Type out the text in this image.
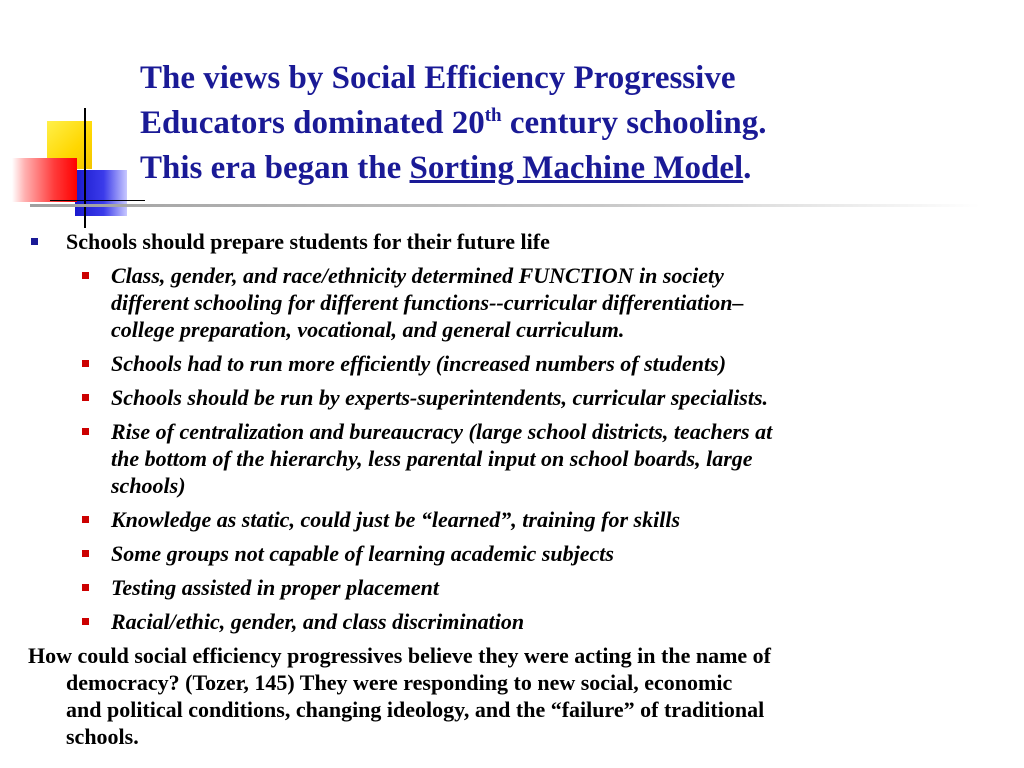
The views by Social Efficiency Progressive
Educators dominated 20th century schooling.
This era began the Sorting Machine Model.
Schools should prepare students for their future life
Class, gender, and race/ethnicity determined FUNCTION in society
different schooling for different functions--curricular differentiation–
college preparation, vocational, and general curriculum.
Schools had to run more efficiently (increased numbers of students)
Schools should be run by experts-superintendents, curricular specialists.
Rise of centralization and bureaucracy (large school districts, teachers at
the bottom of the hierarchy, less parental input on school boards, large
schools)
Knowledge as static, could just be “learned”, training for skills
Some groups not capable of learning academic subjects
Testing assisted in proper placement
Racial/ethic, gender, and class discrimination
How could social efficiency progressives believe they were acting in the name of
democracy? (Tozer, 145) They were responding to new social, economic
and political conditions, changing ideology, and the “failure” of traditional
schools.
